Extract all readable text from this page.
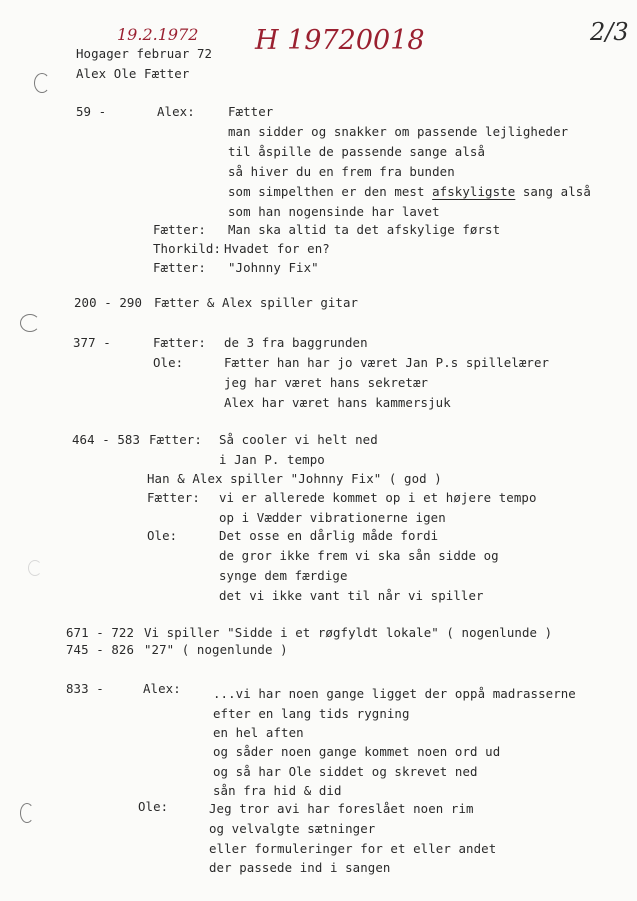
19.2.1972 H 19720018	2/3
Hogager februar 72
Alex Ole Fætter
59 -	Alex:	Fætter
man sidder og snakker om passende lejligheder
til åspille de passende sange alså
så hiver du en frem fra bunden
som simpelthen er den mest afskyligste sang alså
som han nogensinde har lavet
Fætter: Man ska altid ta det afskylige først
Thorkild: Hvadet for en?
Fætter: "Johnny Fix"
200 - 290 Fætter & Alex spiller gitar
377 -	Fætter: de 3 fra baggrunden
Ole:	Fætter han har jo været Jan P.s spillelærer
jeg har været hans sekretær
Alex har været hans kammersjuk
464 - 583 Fætter: Så cooler vi helt ned
i Jan P. tempo
Han & Alex spiller "Johnny Fix" ( god )
Fætter: vi er allerede kommet op i et højere tempo
op i Vædder vibrationerne igen
Ole:	Det osse en dårlig måde fordi
de gror ikke frem vi ska sån sidde og
synge dem færdige
det vi ikke vant til når vi spiller
671 - 722 Vi spiller "Sidde i et røgfyldt lokale" ( nogenlunde )
745 - 826 "27" ( nogenlunde )
833 -	Alex:	...vi har noen gange ligget der oppå madrasserne
efter en lang tids rygning
en hel aften
og såder noen gange kommet noen ord ud
og så har Ole siddet og skrevet ned
sån fra hid & did
Ole:	Jeg tror avi har foreslået noen rim
og velvalgte sætninger
eller formuleringer for et eller andet
der passede ind i sangen
